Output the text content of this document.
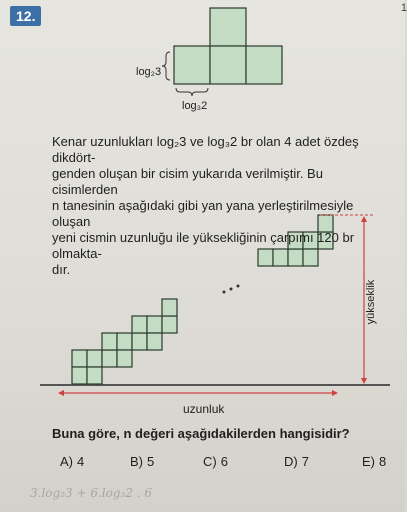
12.	1
log₂3
log₃2

Kenar uzunlukları log₂3 ve log₃2 br olan 4 adet özdeş dikdört-
genden oluşan bir cisim yukarıda verilmiştir. Bu cisimlerden
n tanesinin aşağıdaki gibi yan yana yerleştirilmesiyle oluşan
yeni cismin uzunluğu ile yüksekliğinin çarpımı 120 br olmakta-
dır.

uzunluk
yükseklik
Buna göre, n değeri aşağıdakilerden hangisidir?
A) 4	B) 5	C) 6	D) 7	E) 8
3.log₂3 + 6.log₃2 . 6
